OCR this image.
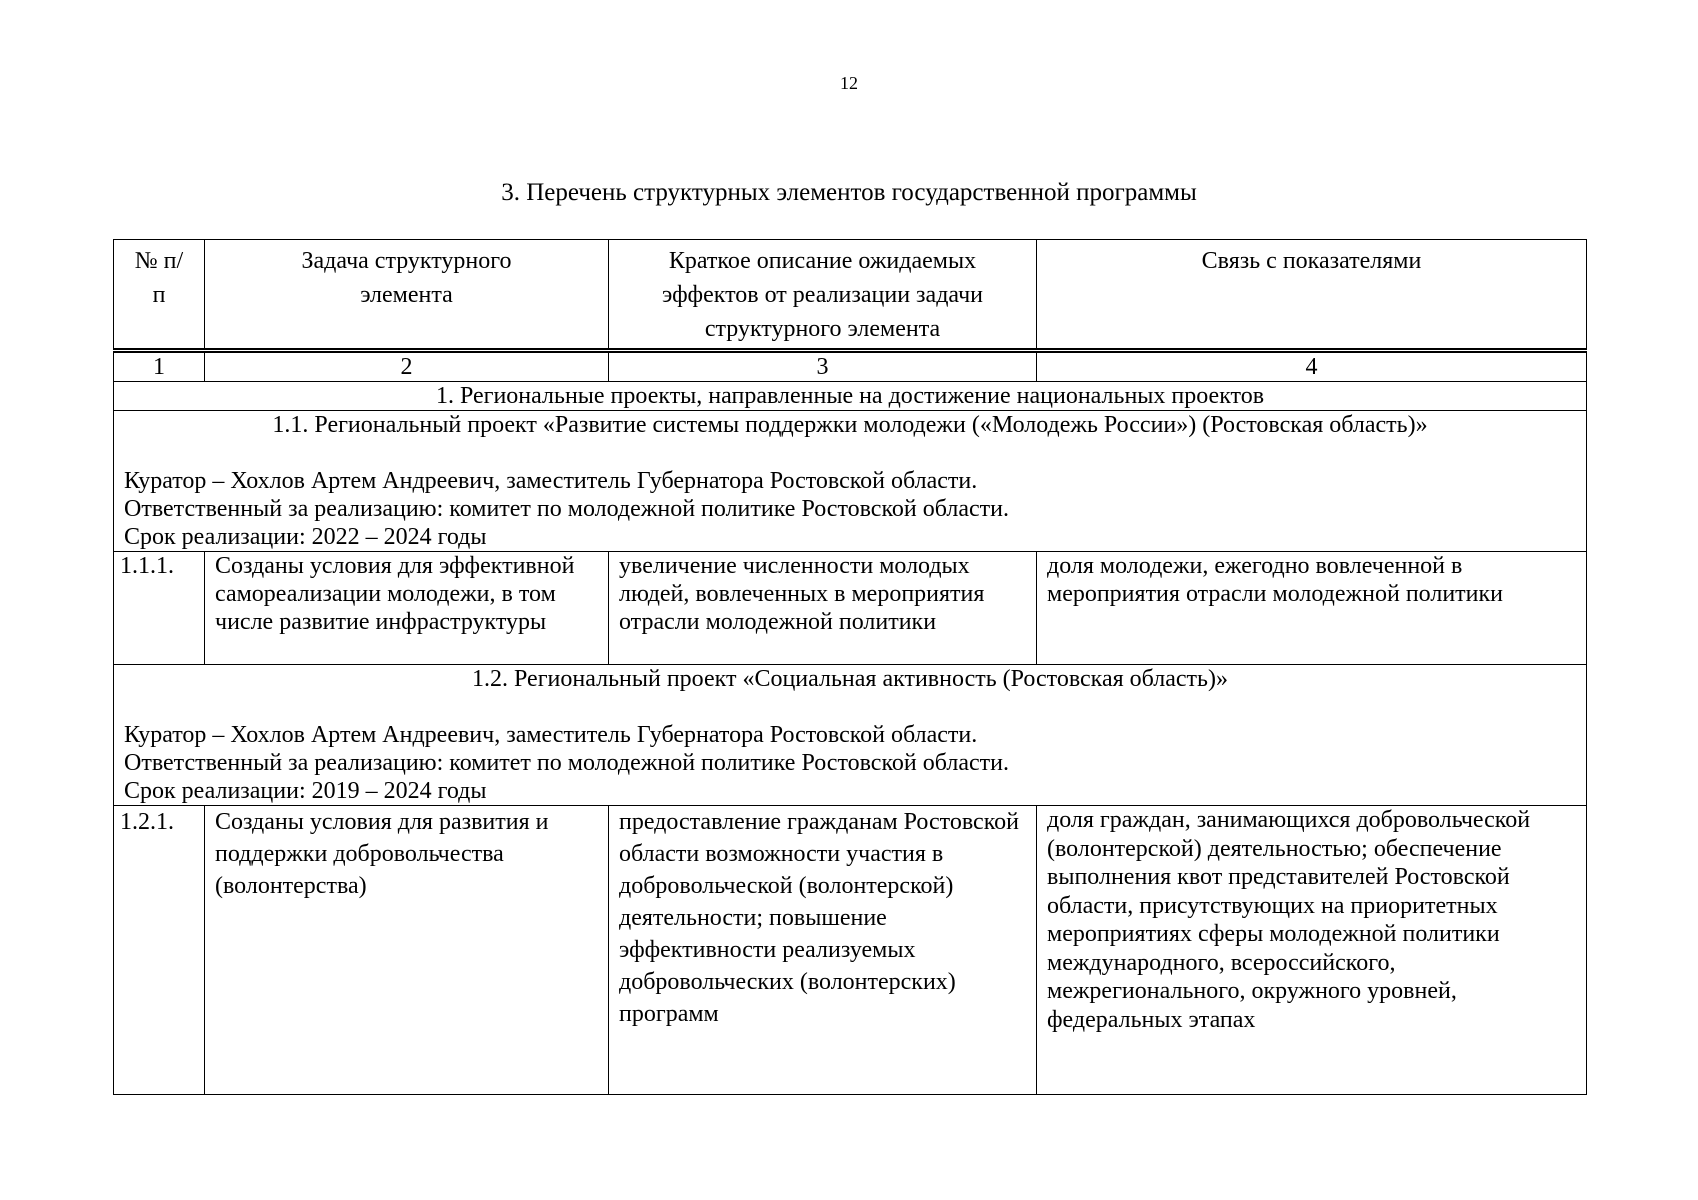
12
3. Перечень структурных элементов государственной программы
№ п/п	Задача структурного элемента	Краткое описание ожидаемых эффектов от реализации задачи структурного элемента	Связь с показателями
1	2	3	4
1. Региональные проекты, направленные на достижение национальных проектов			

1.1. Региональный проект «Развитие системы поддержки молодежи («Молодежь России») (Ростовская область)»
Куратор – Хохлов Артем Андреевич, заместитель Губернатора Ростовской области.
Ответственный за реализацию: комитет по молодежной политике Ростовской области.
Срок реализации: 2022 – 2024 годы			

1.1.1.	Созданы условия для эффективной самореализации молодежи, в том числе развитие инфраструктуры	увеличение численности молодых людей, вовлеченных в мероприятия отрасли молодежной политики	доля молодежи, ежегодно вовлеченной в мероприятия отрасли молодежной политики

1.2. Региональный проект «Социальная активность (Ростовская область)»
Куратор – Хохлов Артем Андреевич, заместитель Губернатора Ростовской области.
Ответственный за реализацию: комитет по молодежной политике Ростовской области.
Срок реализации: 2019 – 2024 годы			

1.2.1.	Созданы условия для развития и поддержки добровольчества (волонтерства)	предоставление гражданам Ростовской области возможности участия в добровольческой (волонтерской) деятельности; повышение эффективности реализуемых добровольческих (волонтерских) программ	доля граждан, занимающихся добровольческой (волонтерской) деятельностью; обеспечение выполнения квот представителей Ростовской области, присутствующих на приоритетных мероприятиях сферы молодежной политики международного, всероссийского, межрегионального, окружного уровней, федеральных этапах
